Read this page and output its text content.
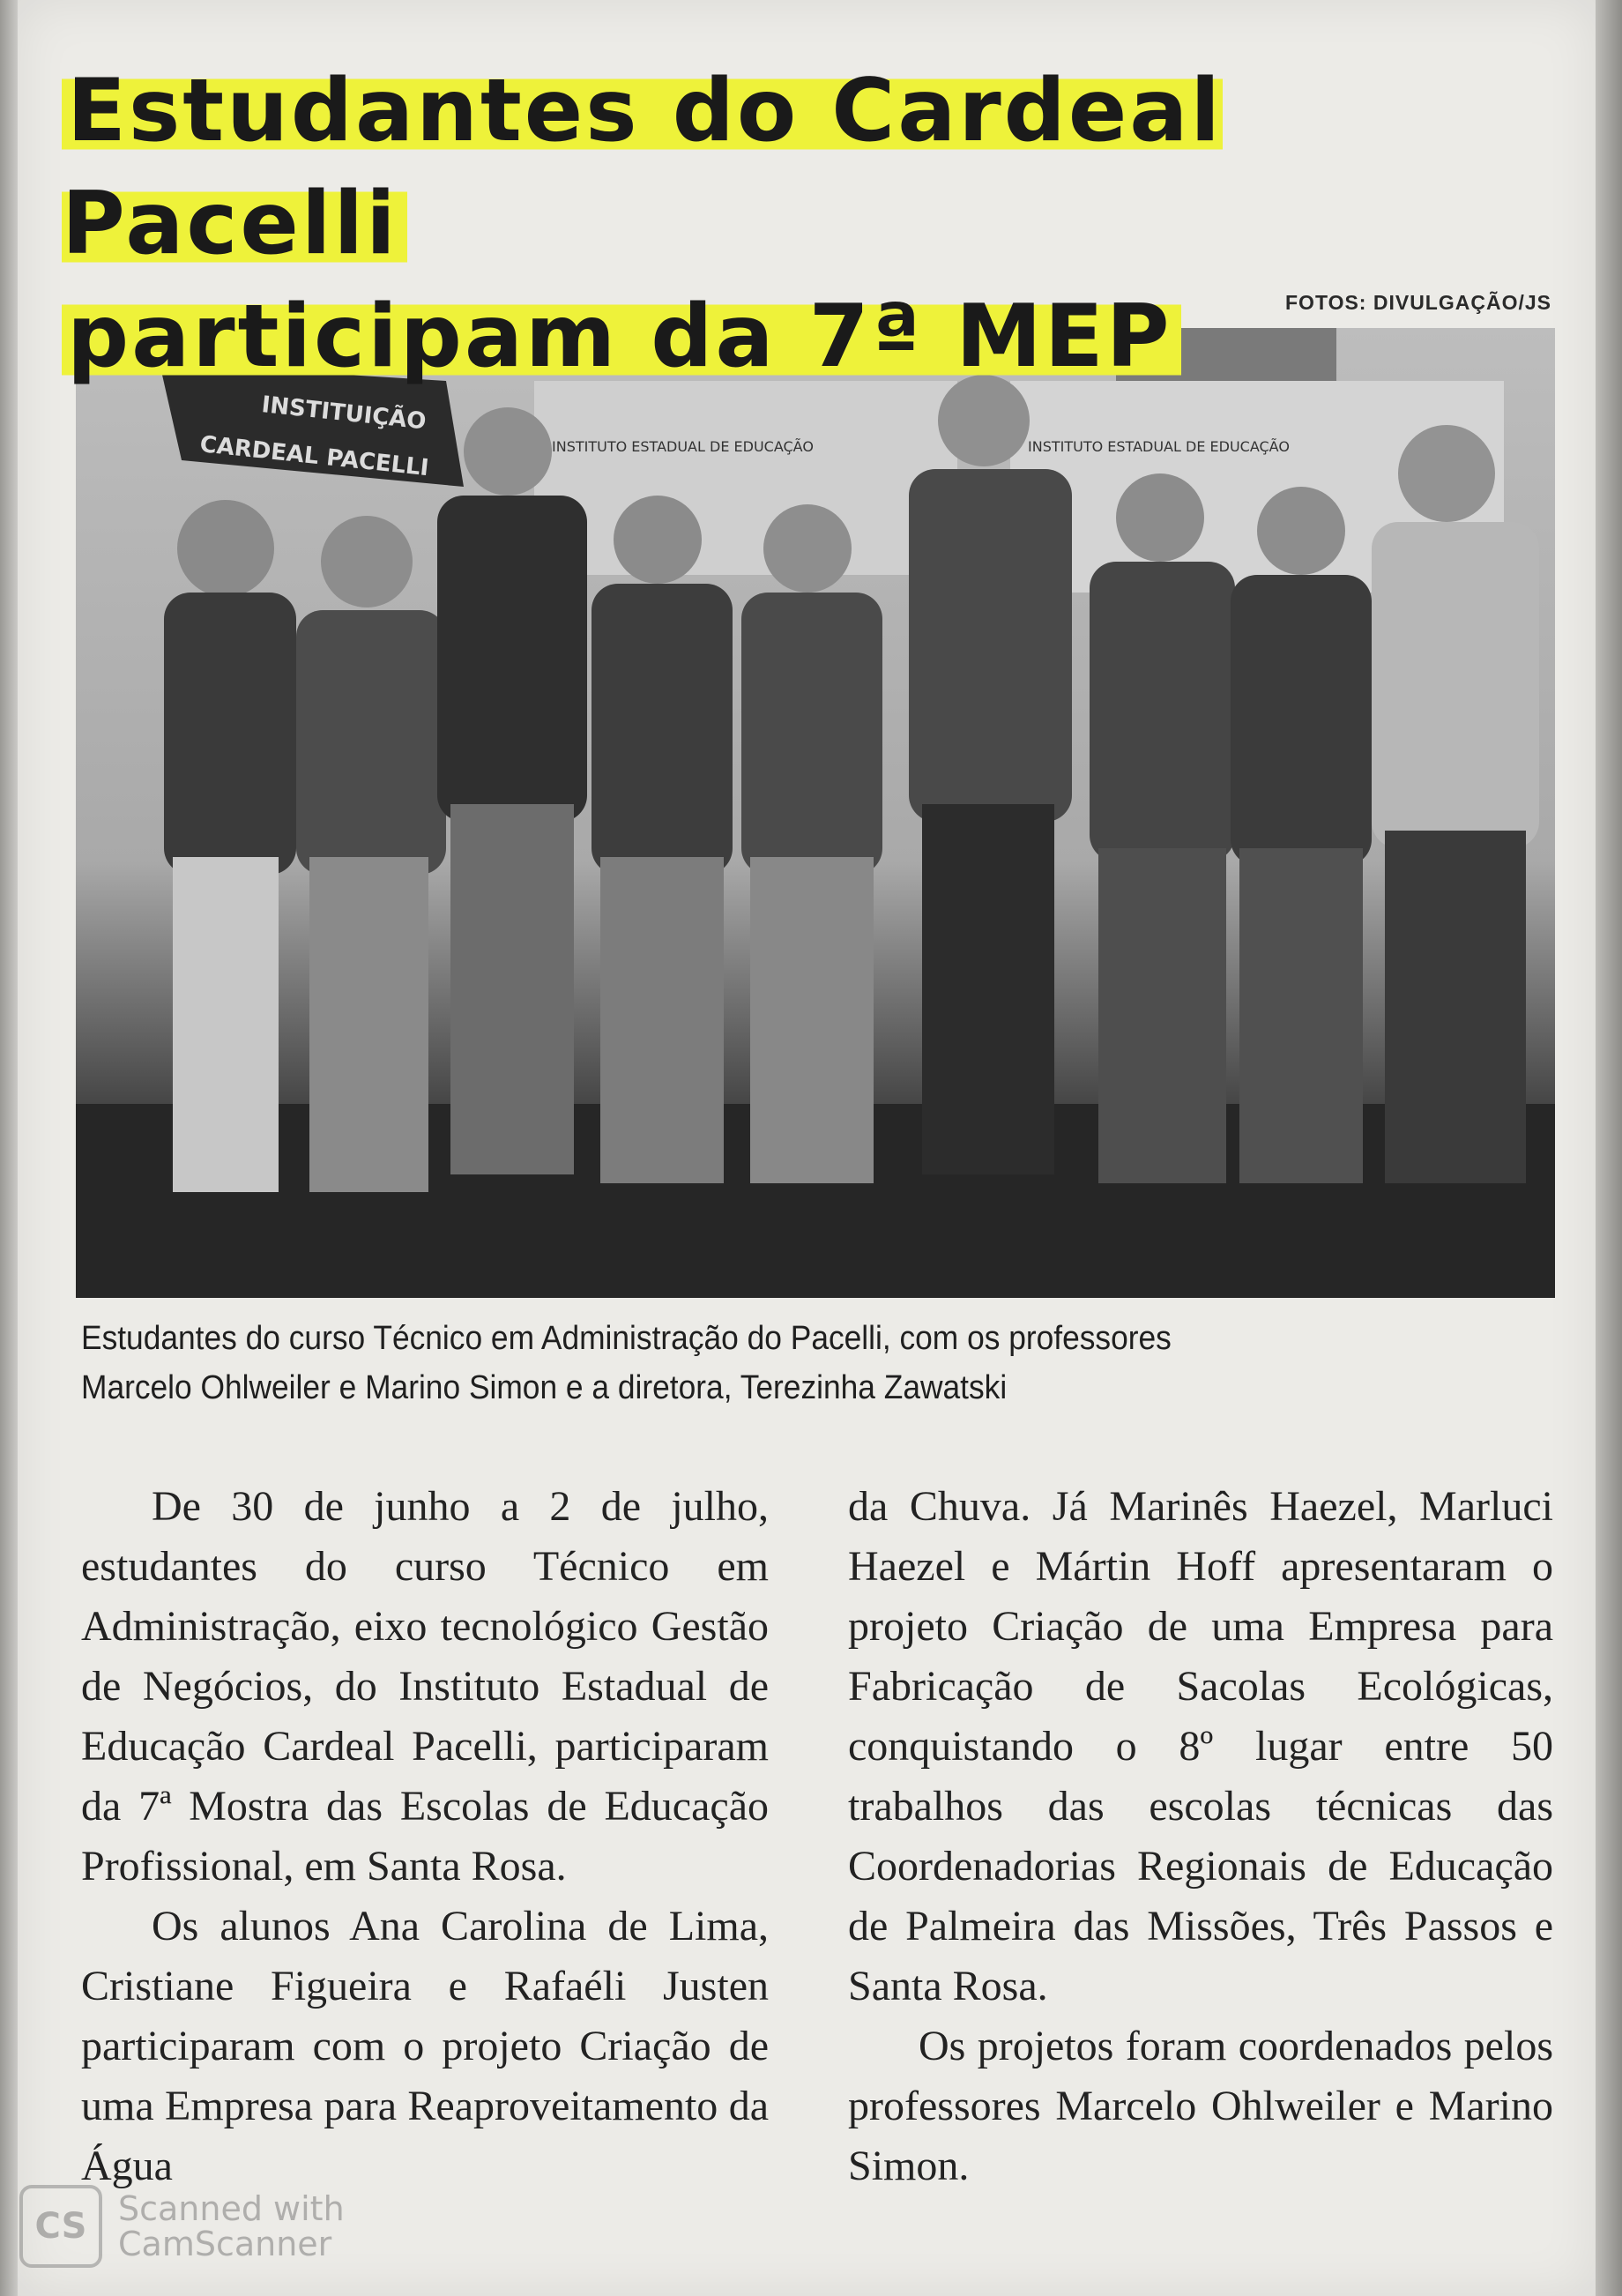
Estudantes do Cardeal Pacelli
participam da 7ª MEP	FOTOS: DIVULGAÇÃO/JS
INSTITUTO ESTADUAL DE EDUCAÇÃO	INSTITUTO ESTADUAL DE EDUCAÇÃO
INSTITUIÇÃO
CARDEAL PACELLI

Estudantes do curso Técnico em Administração do Pacelli, com os professores

Marcelo Ohlweiler e Marino Simon e a diretora, Terezinha Zawatski

De 30 de junho a 2 de julho, estudantes do curso Técnico em Administração, eixo tecnológico Gestão de Negócios, do Instituto Estadual de Educação Cardeal Pacelli, participaram da 7ª Mostra das Escolas de Educação Profissional, em Santa Rosa.

Os alunos Ana Carolina de Lima, Cristiane Figueira e Rafaéli Justen participaram com o projeto Criação de uma Empresa para Reaproveitamento da Água

da Chuva. Já Marinês Haezel, Marluci Haezel e Mártin Hoff apresentaram o projeto Criação de uma Empresa para Fabricação de Sacolas Ecológicas, conquistando o 8º lugar entre 50 trabalhos das escolas técnicas das Coordenadorias Regionais de Educação de Palmeira das Missões, Três Passos e Santa Rosa.

Os projetos foram coordenados pelos professores Marcelo Ohlweiler e Marino Simon.

CS Scanned with
CamScanner
